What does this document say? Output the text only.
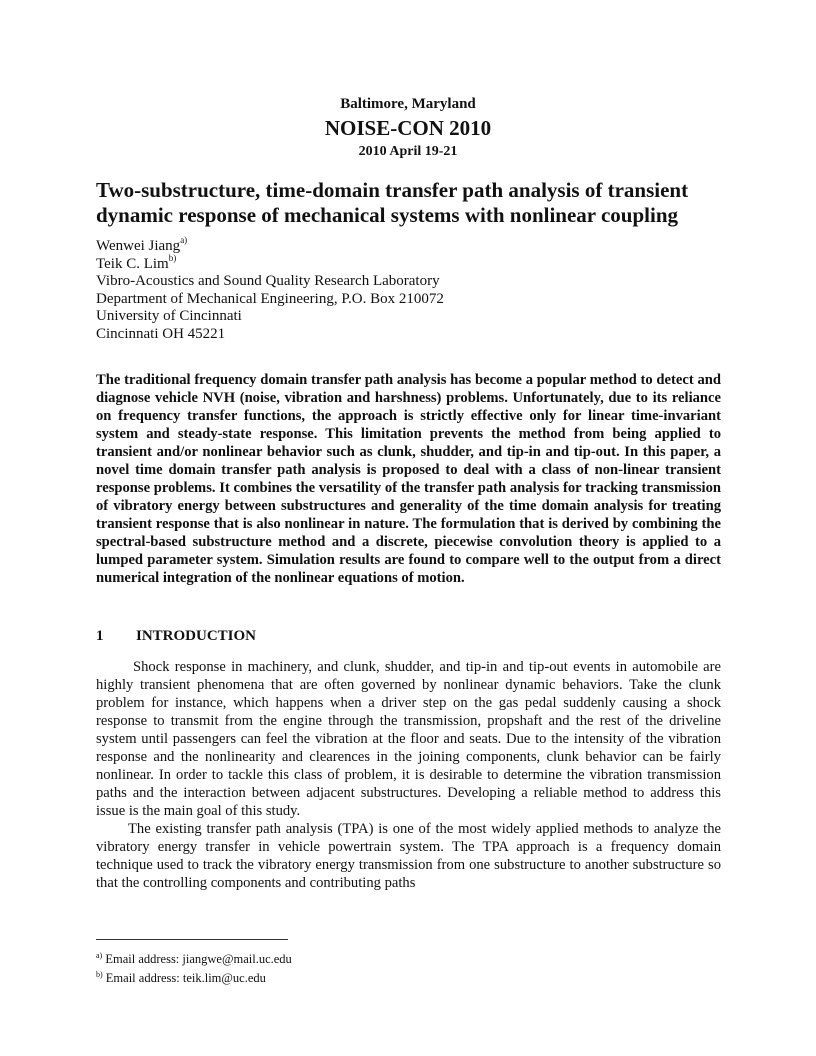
Baltimore, Maryland
NOISE-CON 2010
2010 April 19-21
Two-substructure, time-domain transfer path analysis of transient dynamic response of mechanical systems with nonlinear coupling
Wenwei Jiang$^{a)}$
Teik C. Lim$^{b)}$
Vibro-Acoustics and Sound Quality Research Laboratory
Department of Mechanical Engineering, P.O. Box 210072
University of Cincinnati
Cincinnati OH 45221
The traditional frequency domain transfer path analysis has become a popular method to detect and diagnose vehicle NVH (noise, vibration and harshness) problems. Unfortunately, due to its reliance on frequency transfer functions, the approach is strictly effective only for linear time-invariant system and steady-state response. This limitation prevents the method from being applied to transient and/or nonlinear behavior such as clunk, shudder, and tip-in and tip-out. In this paper, a novel time domain transfer path analysis is proposed to deal with a class of non-linear transient response problems. It combines the versatility of the transfer path analysis for tracking transmission of vibratory energy between substructures and generality of the time domain analysis for treating transient response that is also nonlinear in nature. The formulation that is derived by combining the spectral-based substructure method and a discrete, piecewise convolution theory is applied to a lumped parameter system. Simulation results are found to compare well to the output from a direct numerical integration of the nonlinear equations of motion.
1 INTRODUCTION

Shock response in machinery, and clunk, shudder, and tip-in and tip-out events in automobile are highly transient phenomena that are often governed by nonlinear dynamic behaviors. Take the clunk problem for instance, which happens when a driver step on the gas pedal suddenly causing a shock response to transmit from the engine through the transmission, propshaft and the rest of the driveline system until passengers can feel the vibration at the floor and seats. Due to the intensity of the vibration response and the nonlinearity and clearences in the joining components, clunk behavior can be fairly nonlinear. In order to tackle this class of problem, it is desirable to determine the vibration transmission paths and the interaction between adjacent substructures. Developing a reliable method to address this issue is the main goal of this study.

The existing transfer path analysis (TPA) is one of the most widely applied methods to analyze the vibratory energy transfer in vehicle powertrain system. The TPA approach is a frequency domain technique used to track the vibratory energy transmission from one substructure to another substructure so that the controlling components and contributing paths

$^{a)}$ Email address: jiangwe@mail.uc.edu
$^{b)}$ Email address: teik.lim@uc.edu
